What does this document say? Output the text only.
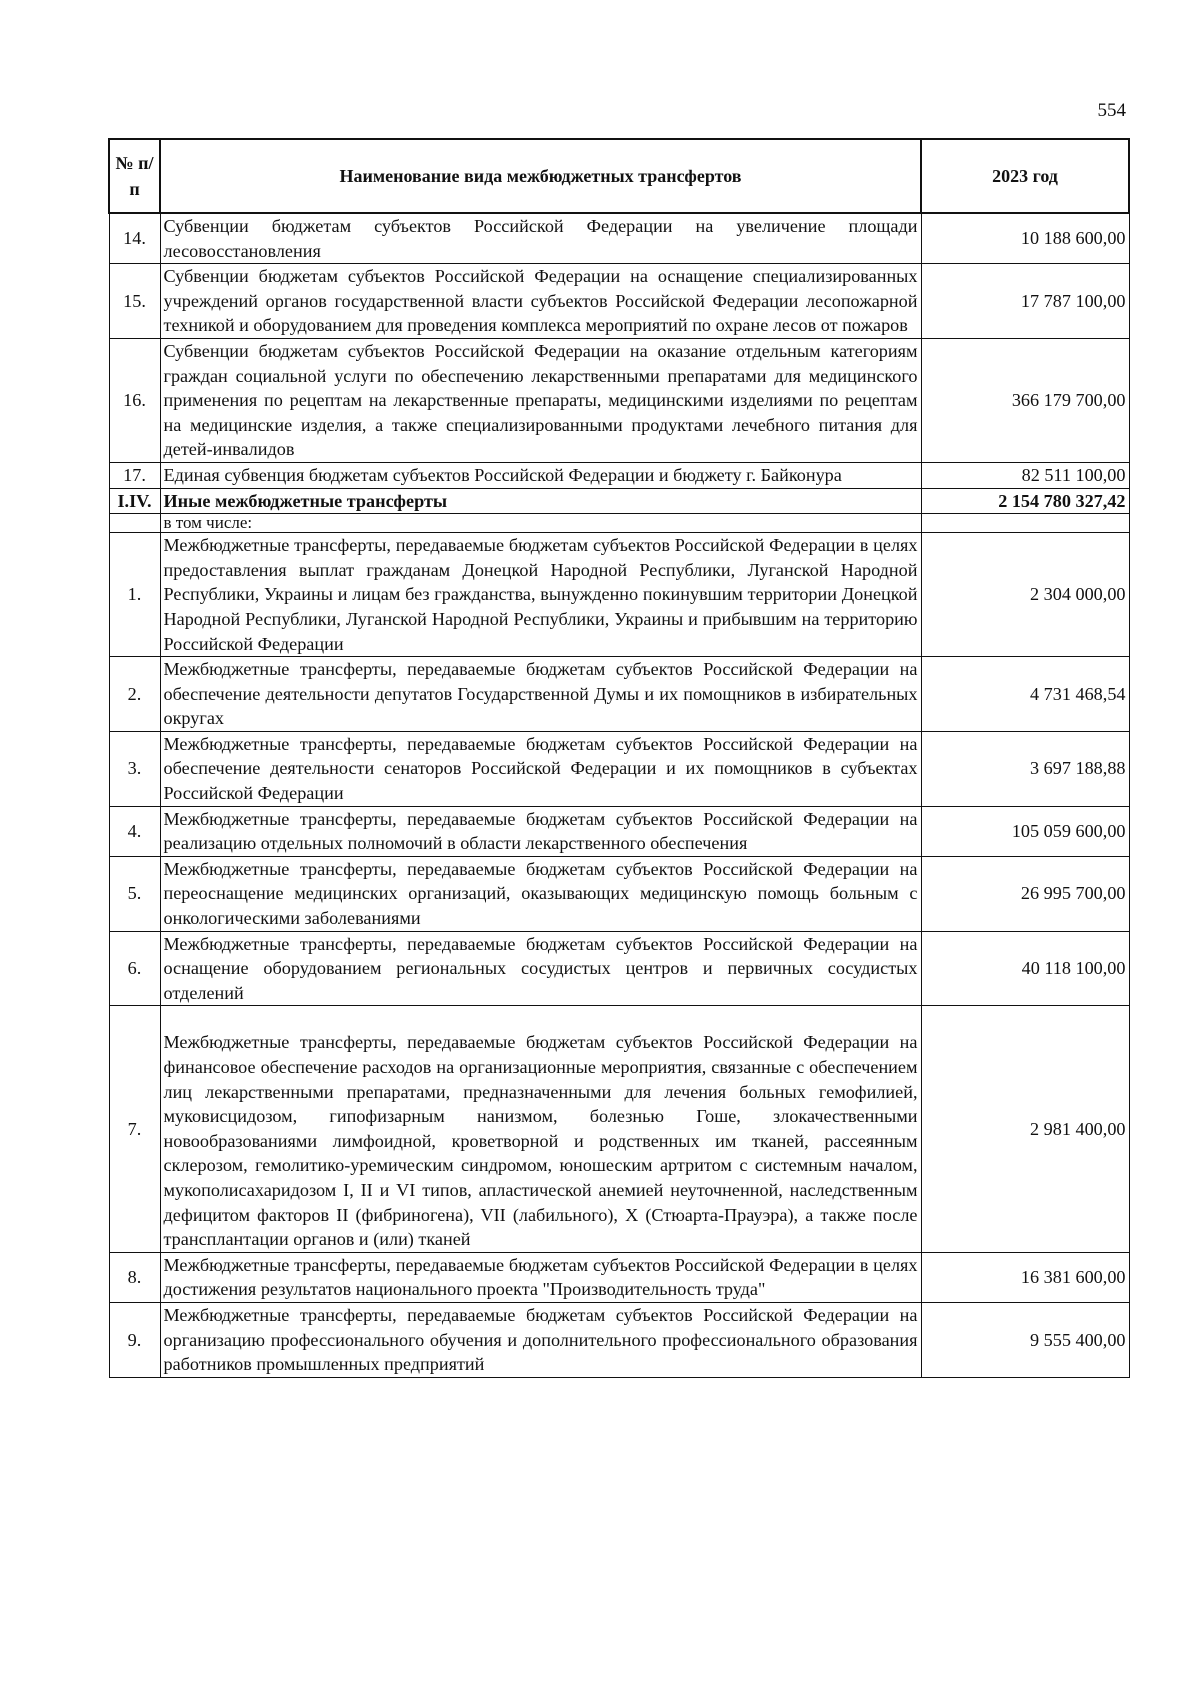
554
№ п/п	Наименование вида межбюджетных трансфертов	2023 год
14.	Субвенции бюджетам субъектов Российской Федерации на увеличение площади лесовосстановления	10 188 600,00
15.	Субвенции бюджетам субъектов Российской Федерации на оснащение специализированных учреждений органов государственной власти субъектов Российской Федерации лесопожарной техникой и оборудованием для проведения комплекса мероприятий по охране лесов от пожаров	17 787 100,00
16.	Субвенции бюджетам субъектов Российской Федерации на оказание отдельным категориям граждан социальной услуги по обеспечению лекарственными препаратами для медицинского применения по рецептам на лекарственные препараты, медицинскими изделиями по рецептам на медицинские изделия, а также специализированными продуктами лечебного питания для детей-инвалидов	366 179 700,00
17.	Единая субвенция бюджетам субъектов Российской Федерации и бюджету г. Байконура	82 511 100,00
I.IV.	Иные межбюджетные трансферты	2 154 780 327,42
	в том числе:	
1.	Межбюджетные трансферты, передаваемые бюджетам субъектов Российской Федерации в целях предоставления выплат гражданам Донецкой Народной Республики, Луганской Народной Республики, Украины и лицам без гражданства, вынужденно покинувшим территории Донецкой Народной Республики, Луганской Народной Республики, Украины и прибывшим на территорию Российской Федерации	2 304 000,00
2.	Межбюджетные трансферты, передаваемые бюджетам субъектов Российской Федерации на обеспечение деятельности депутатов Государственной Думы и их помощников в избирательных округах	4 731 468,54
3.	Межбюджетные трансферты, передаваемые бюджетам субъектов Российской Федерации на обеспечение деятельности сенаторов Российской Федерации и их помощников в субъектах Российской Федерации	3 697 188,88
4.	Межбюджетные трансферты, передаваемые бюджетам субъектов Российской Федерации на реализацию отдельных полномочий в области лекарственного обеспечения	105 059 600,00
5.	Межбюджетные трансферты, передаваемые бюджетам субъектов Российской Федерации на переоснащение медицинских организаций, оказывающих медицинскую помощь больным с онкологическими заболеваниями	26 995 700,00
6.	Межбюджетные трансферты, передаваемые бюджетам субъектов Российской Федерации на оснащение оборудованием региональных сосудистых центров и первичных сосудистых отделений	40 118 100,00
7.	Межбюджетные трансферты, передаваемые бюджетам субъектов Российской Федерации на финансовое обеспечение расходов на организационные мероприятия, связанные с обеспечением лиц лекарственными препаратами, предназначенными для лечения больных гемофилией, муковисцидозом, гипофизарным нанизмом, болезнью Гоше, злокачественными новообразованиями лимфоидной, кроветворной и родственных им тканей, рассеянным склерозом, гемолитико-уремическим синдромом, юношеским артритом с системным началом, мукополисахаридозом I, II и VI типов, апластической анемией неуточненной, наследственным дефицитом факторов II (фибриногена), VII (лабильного), X (Стюарта-Прауэра), а также после трансплантации органов и (или) тканей	2 981 400,00
8.	Межбюджетные трансферты, передаваемые бюджетам субъектов Российской Федерации в целях достижения результатов национального проекта "Производительность труда"	16 381 600,00
9.	Межбюджетные трансферты, передаваемые бюджетам субъектов Российской Федерации на организацию профессионального обучения и дополнительного профессионального образования работников промышленных предприятий	9 555 400,00
